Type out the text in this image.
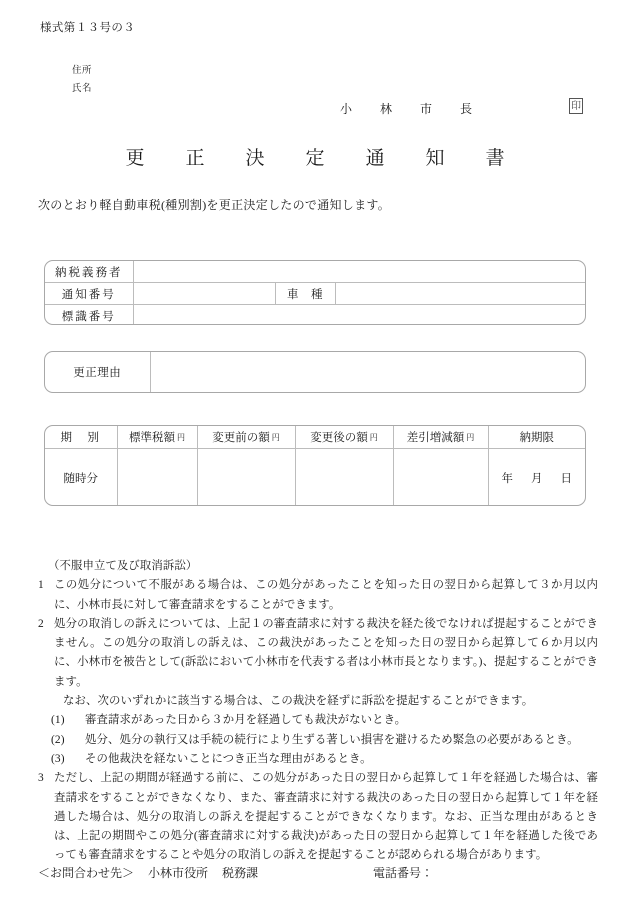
様式第１３号の３
住所
氏名
小　林　市　長	印
更　正　決　定　通　知　書
次のとおり軽自動車税(種別割)を更正決定したので通知します。
納税義務者			
通知番号		車　種	
標識番号			
更正理由	
期　別	標準税額 円	変更前の額 円	変更後の額 円	差引増減額 円	納期限
随時分					年 月 日
（不服申立て及び取消訴訟）
1 この処分について不服がある場合は、この処分があったことを知った日の翌日から起算して３か月以内に、小林市長に対して審査請求をすることができます。
2 処分の取消しの訴えについては、上記１の審査請求に対する裁決を経た後でなければ提起することができません。この処分の取消しの訴えは、この裁決があったことを知った日の翌日から起算して６か月以内に、小林市を被告として(訴訟において小林市を代表する者は小林市長となります。)、提起することができます。
なお、次のいずれかに該当する場合は、この裁決を経ずに訴訟を提起することができます。
(1) 審査請求があった日から３か月を経過しても裁決がないとき。
(2) 処分、処分の執行又は手続の続行により生ずる著しい損害を避けるため緊急の必要があるとき。
(3) その他裁決を経ないことにつき正当な理由があるとき。
3 ただし、上記の期間が経過する前に、この処分があった日の翌日から起算して１年を経過した場合は、審査請求をすることができなくなり、また、審査請求に対する裁決のあった日の翌日から起算して１年を経過した場合は、処分の取消しの訴えを提起することができなくなります。なお、正当な理由があるときは、上記の期間やこの処分(審査請求に対する裁決)があった日の翌日から起算して１年を経過した後であっても審査請求をすることや処分の取消しの訴えを提起することが認められる場合があります。
＜お問合わせ先＞ 小林市役所 税務課	電話番号：
